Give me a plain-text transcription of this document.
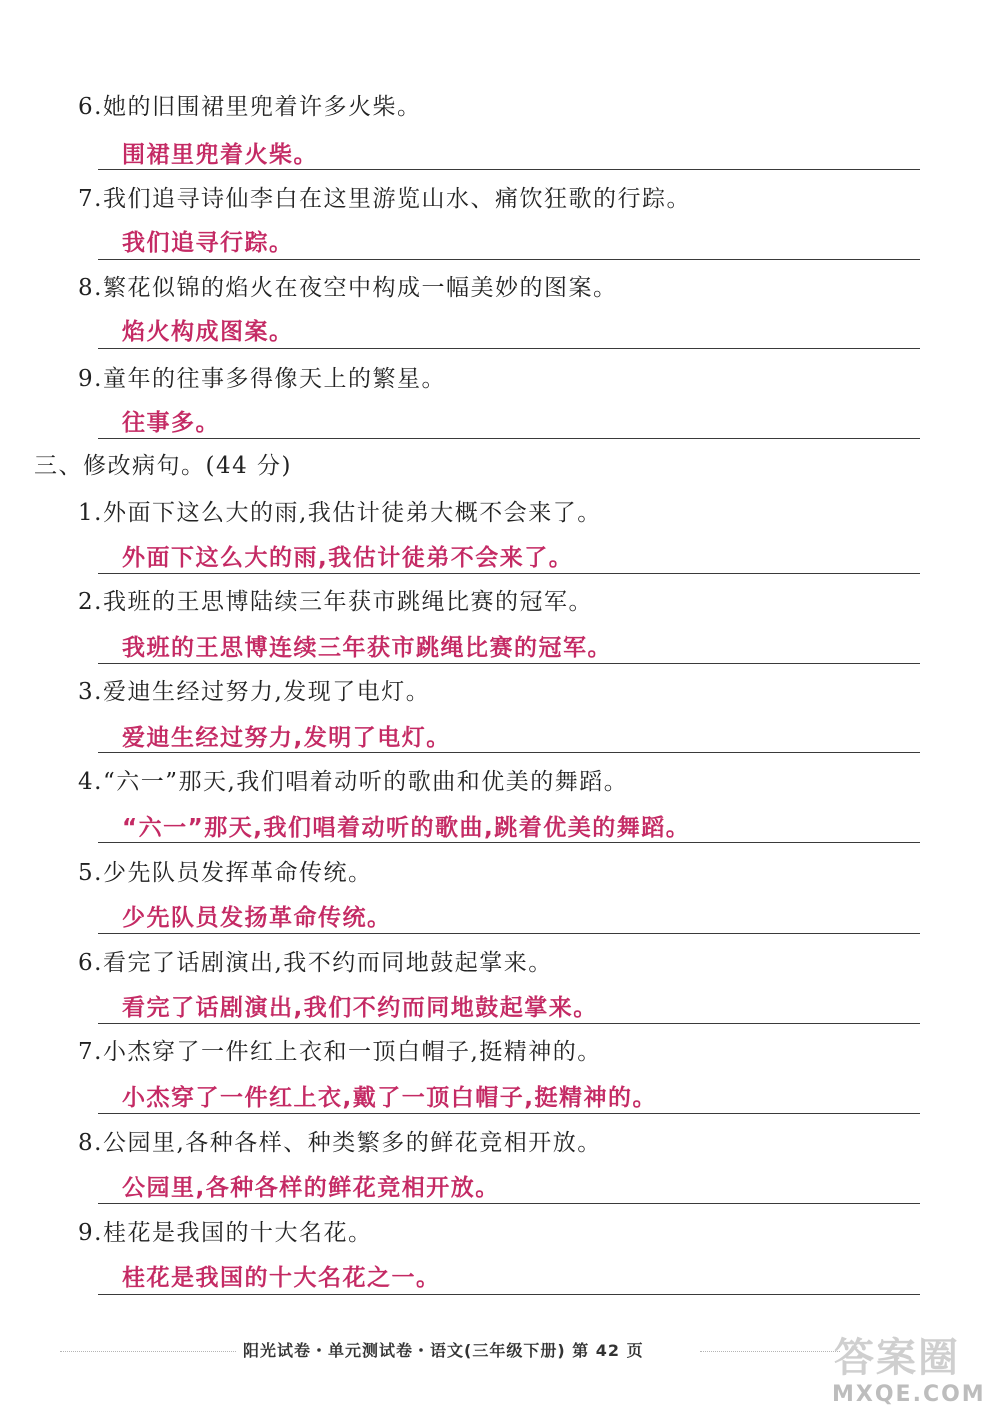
6.她的旧围裙里兜着许多火柴。
围裙里兜着火柴。
7.我们追寻诗仙李白在这里游览山水、痛饮狂歌的行踪。
我们追寻行踪。
8.繁花似锦的焰火在夜空中构成一幅美妙的图案。
焰火构成图案。
9.童年的往事多得像天上的繁星。
往事多。
三、修改病句。(44 分)
1.外面下这么大的雨,我估计徒弟大概不会来了。
外面下这么大的雨,我估计徒弟不会来了。
2.我班的王思博陆续三年获市跳绳比赛的冠军。
我班的王思博连续三年获市跳绳比赛的冠军。
3.爱迪生经过努力,发现了电灯。
爱迪生经过努力,发明了电灯。
4.“六一”那天,我们唱着动听的歌曲和优美的舞蹈。
“六一”那天,我们唱着动听的歌曲,跳着优美的舞蹈。
5.少先队员发挥革命传统。
少先队员发扬革命传统。
6.看完了话剧演出,我不约而同地鼓起掌来。
看完了话剧演出,我们不约而同地鼓起掌来。
7.小杰穿了一件红上衣和一顶白帽子,挺精神的。
小杰穿了一件红上衣,戴了一顶白帽子,挺精神的。
8.公园里,各种各样、种类繁多的鲜花竞相开放。
公园里,各种各样的鲜花竞相开放。
9.桂花是我国的十大名花。
桂花是我国的十大名花之一。
阳光试卷・单元测试卷・语文(三年级下册) 第 42 页	答案圈
MXQE.COM
